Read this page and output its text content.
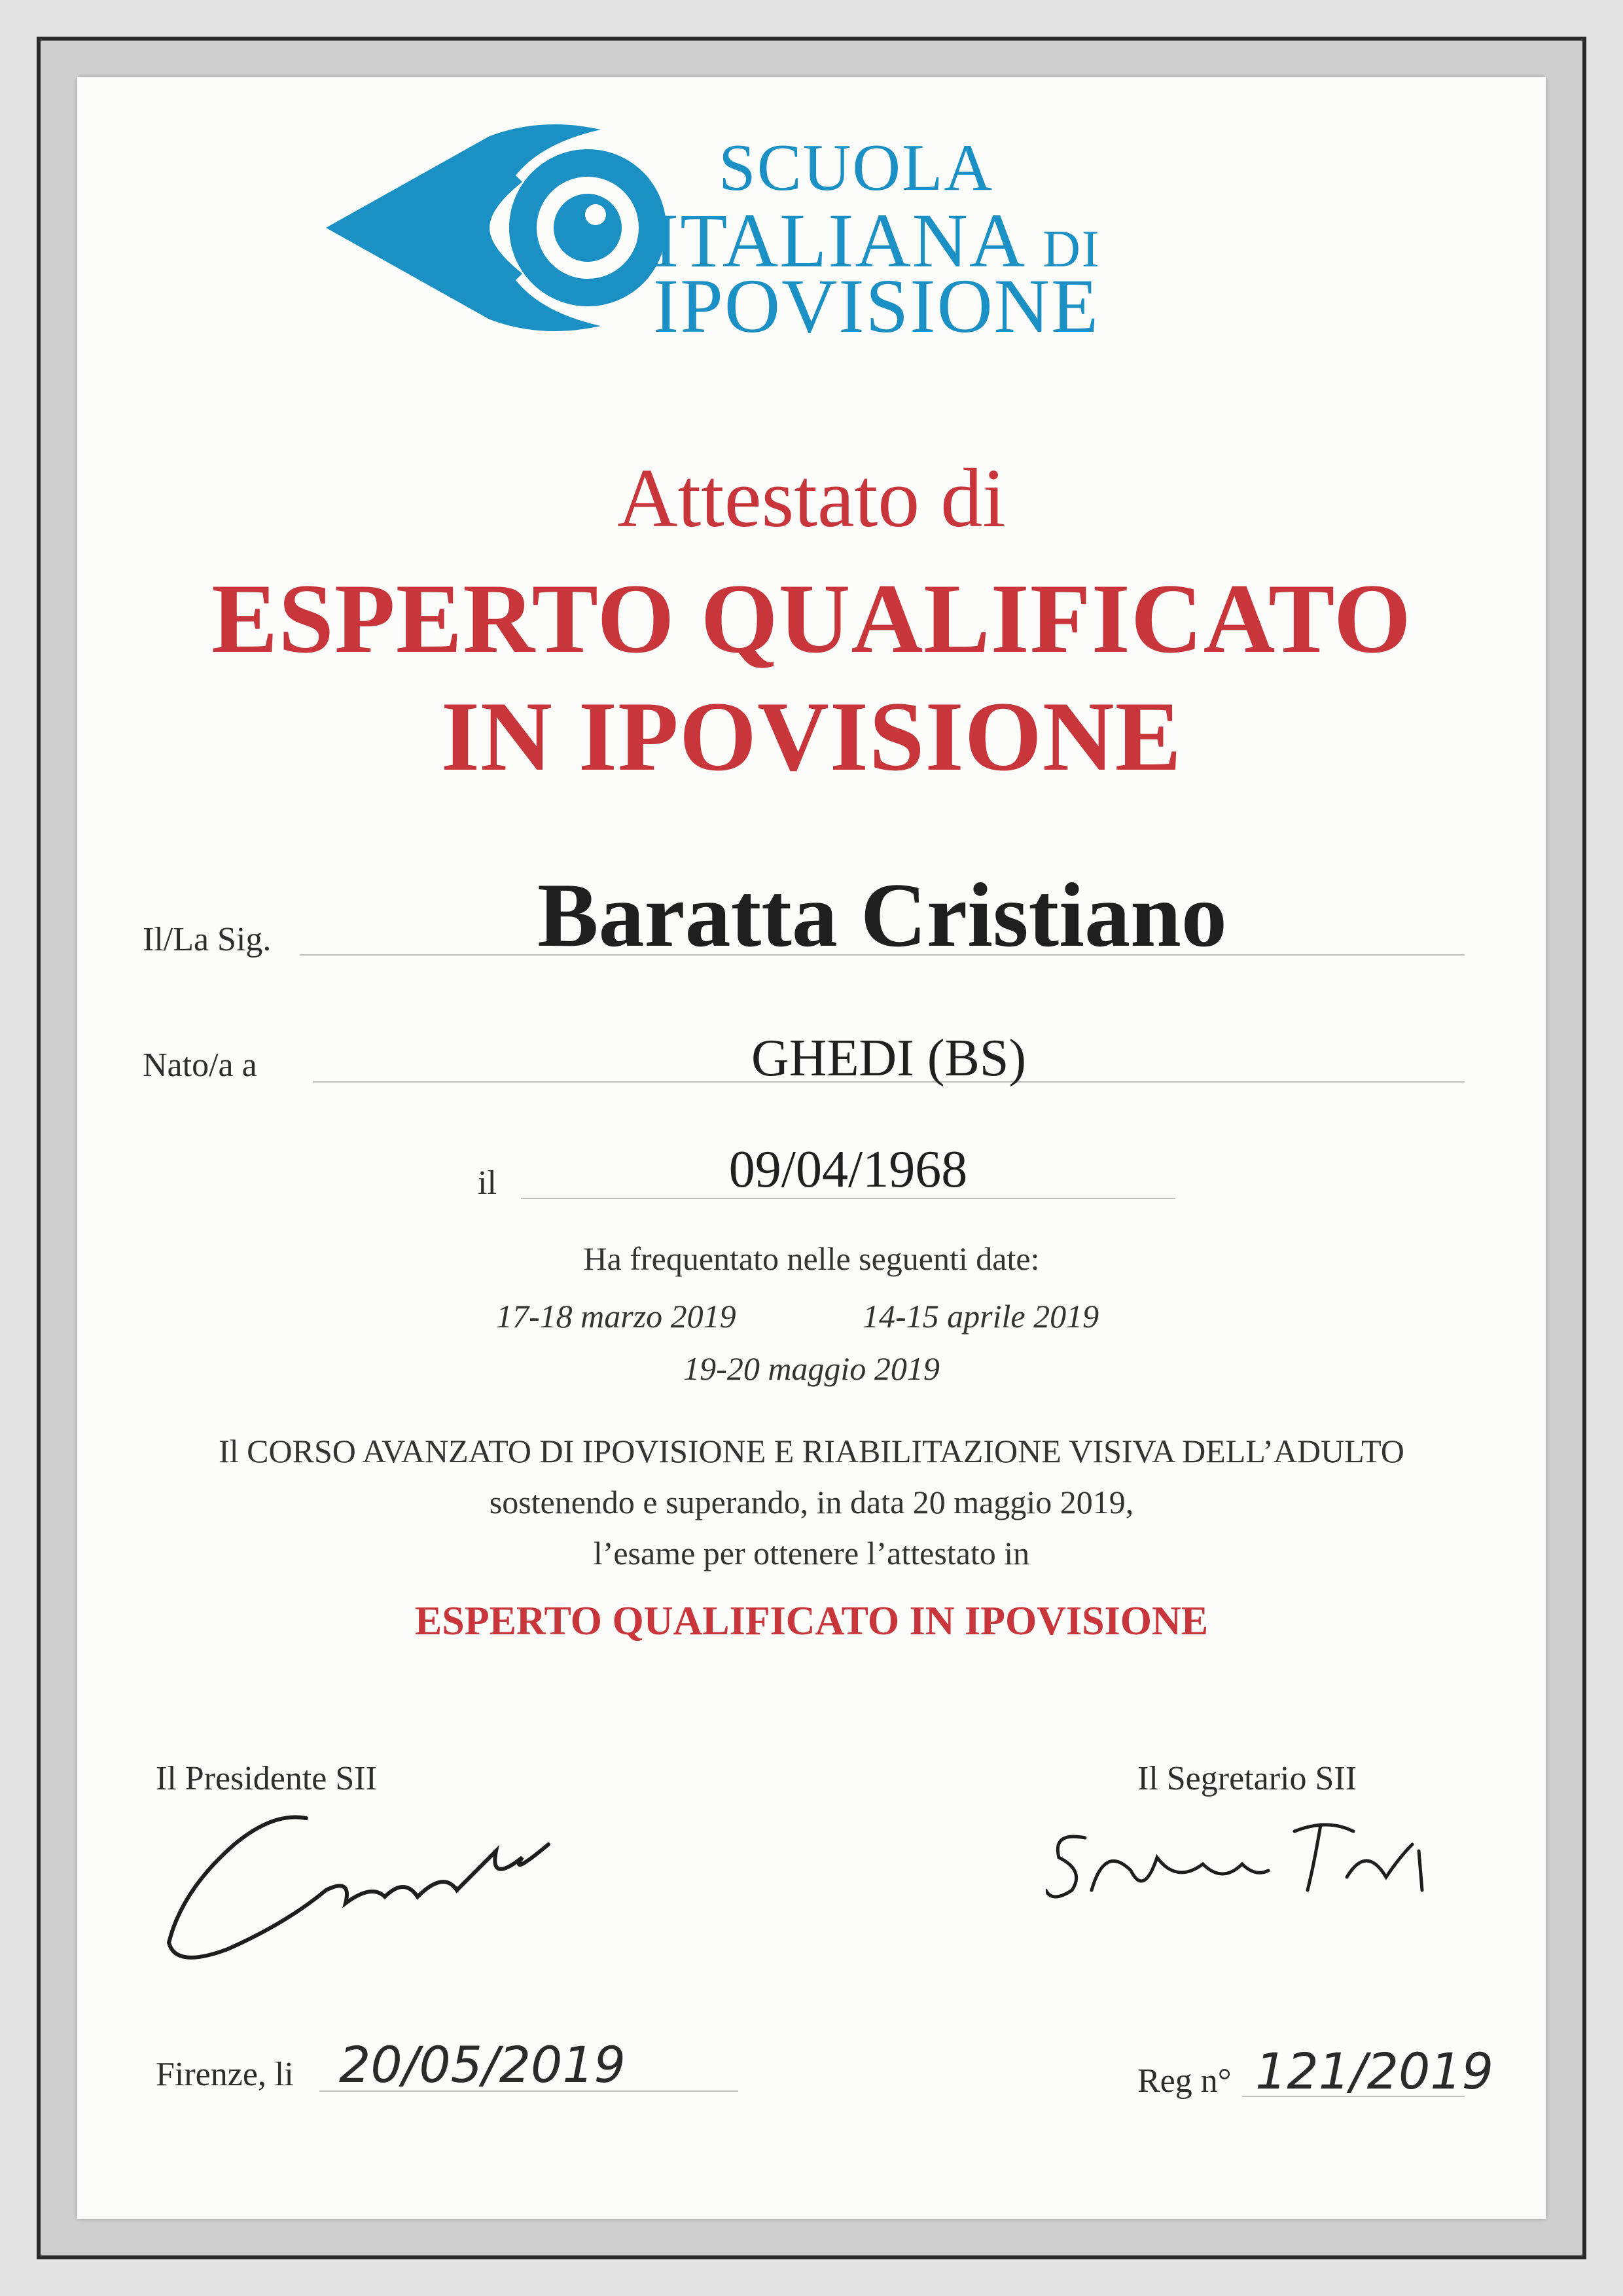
SCUOLA
ITALIANA DI
IPOVISIONE
Attestato di
ESPERTO QUALIFICATO
IN IPOVISIONE
Il/La Sig.	Baratta Cristiano
Nato/a a	GHEDI (BS)
il	09/04/1968
Ha frequentato nelle seguenti date:
17-18 marzo 2019	14-15 aprile 2019
19-20 maggio 2019
Il CORSO AVANZATO DI IPOVISIONE E RIABILITAZIONE VISIVA DELL’ADULTO
sostenendo e superando, in data 20 maggio 2019,
l’esame per ottenere l’attestato in
ESPERTO QUALIFICATO IN IPOVISIONE
Il Presidente SII	Il Segretario SII
Firenze, li 20/05/2019	Reg n° 121/2019
